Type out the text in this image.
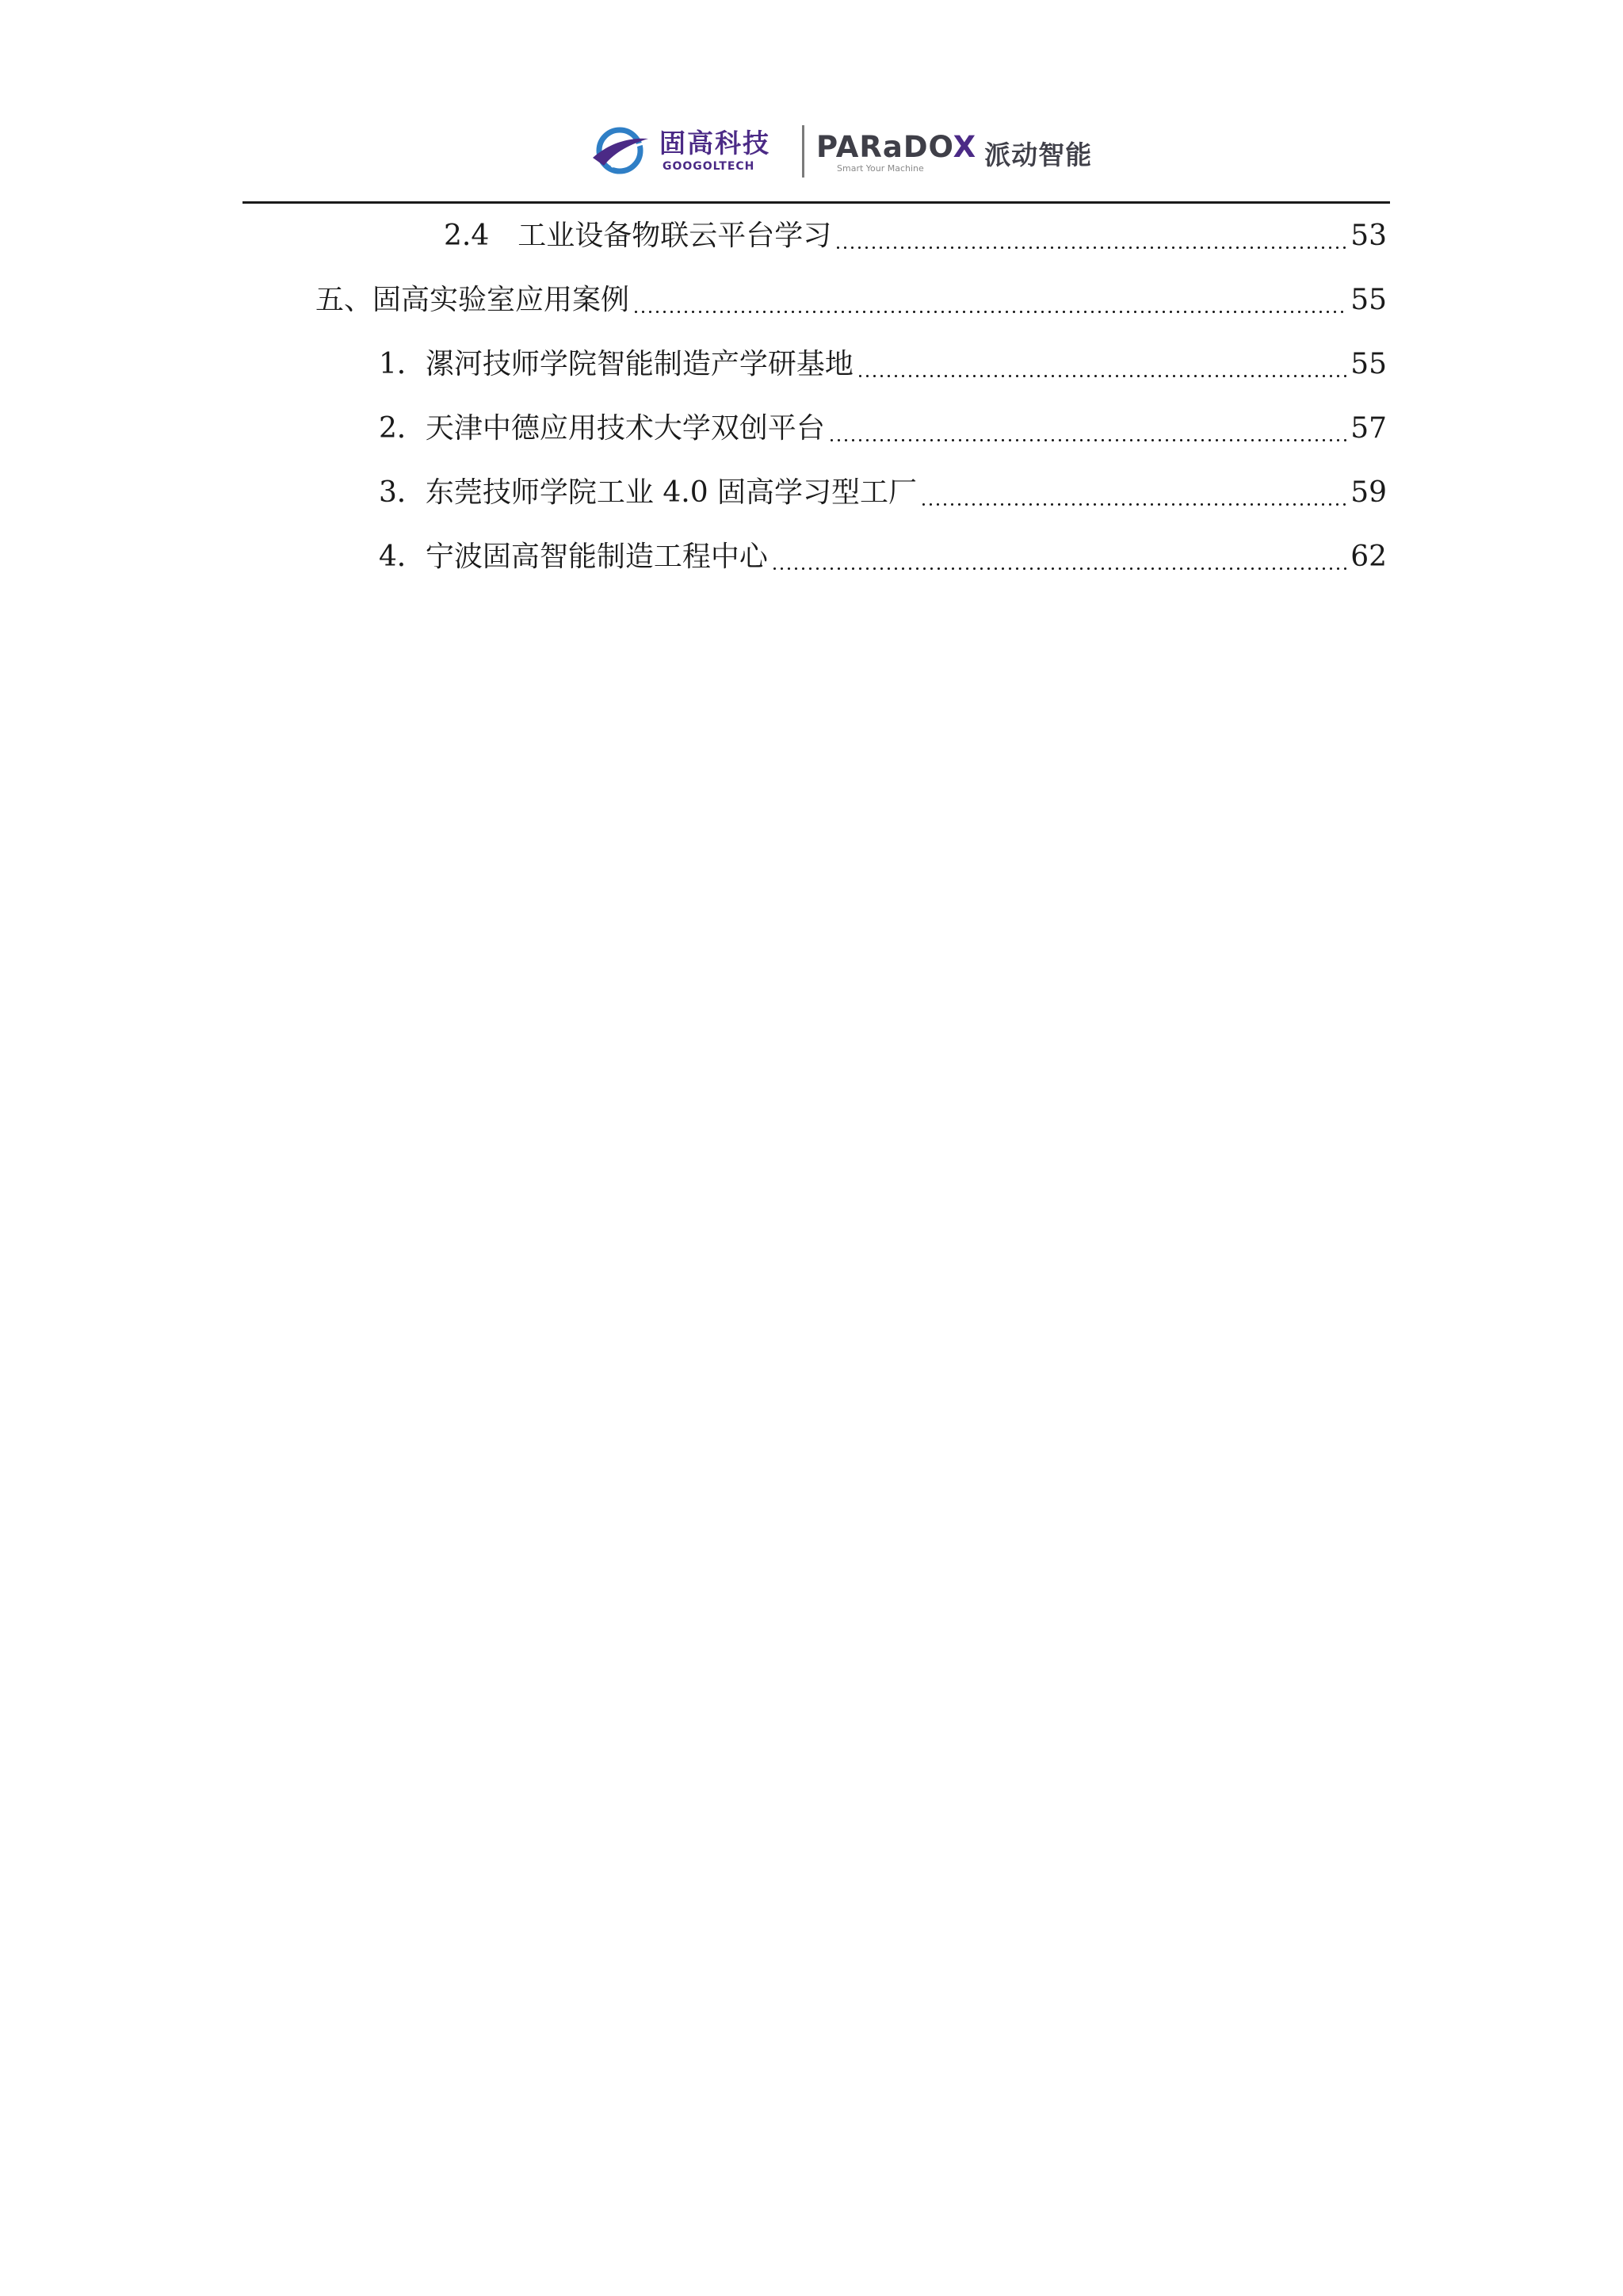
固高科技
GOOGOLTECH
PARaDOX
Smart Your Machine 派动智能
2.4　 工业设备物联云平台学习	53
五、 固高实验室应用案例	55
1． 漯河技师学院智能制造产学研基地	55
2． 天津中德应用技术大学双创平台	57
3． 东莞技师学院工业 4.0 固高学习型工厂	59
4． 宁波固高智能制造工程中心	62
